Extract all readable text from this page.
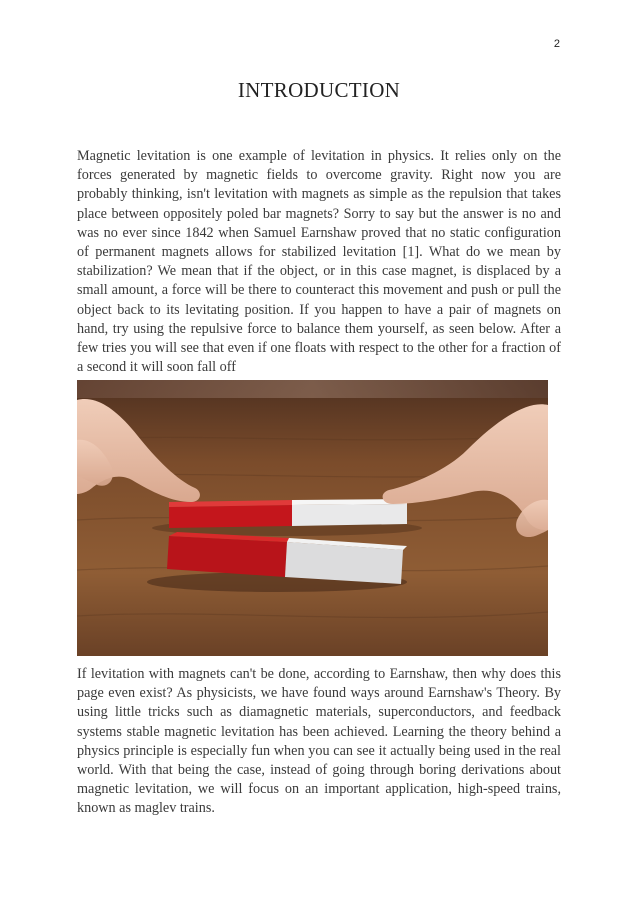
2
INTRODUCTION

Magnetic levitation is one example of levitation in physics. It relies only on the forces generated by magnetic fields to overcome gravity. Right now you are probably thinking, isn't levitation with magnets as simple as the repulsion that takes place between oppositely poled bar magnets? Sorry to say but the answer is no and was no ever since 1842 when Samuel Earnshaw proved that no static configuration of permanent magnets allows for stabilized levitation [1]. What do we mean by stabilization? We mean that if the object, or in this case magnet, is displaced by a small amount, a force will be there to counteract this movement and push or pull the object back to its levitating position. If you happen to have a pair of magnets on hand, try using the repulsive force to balance them yourself, as seen below. After a few tries you will see that even if one floats with respect to the other for a fraction of a second it will soon fall off

If levitation with magnets can't be done, according to Earnshaw, then why does this page even exist? As physicists, we have found ways around Earnshaw's Theory. By using little tricks such as diamagnetic materials, superconductors, and feedback systems stable magnetic levitation has been achieved. Learning the theory behind a physics principle is especially fun when you can see it actually being used in the real world. With that being the case, instead of going through boring derivations about magnetic levitation, we will focus on an important application, high-speed trains, known as maglev trains.
